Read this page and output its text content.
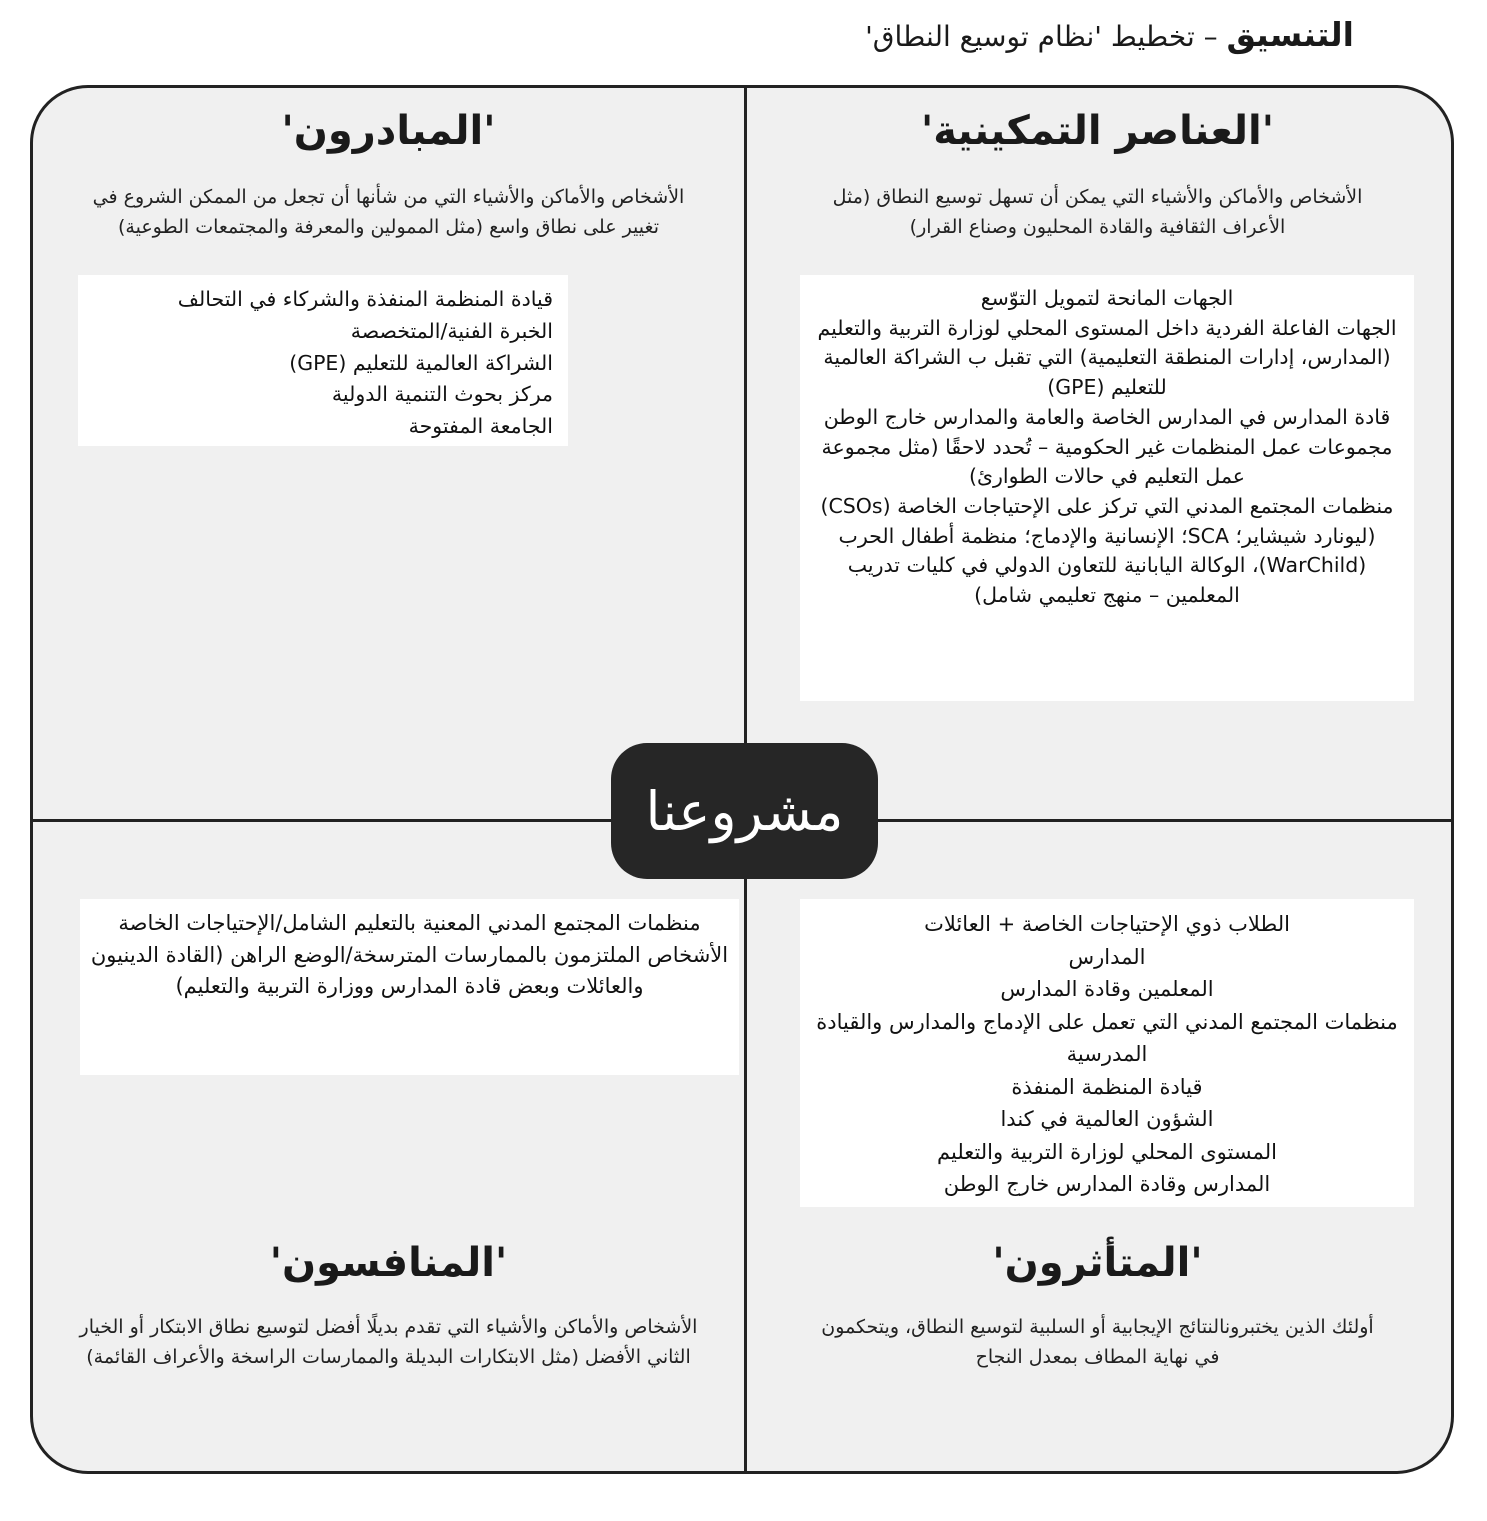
التنسيق – تخطيط 'نظام توسيع النطاق'
'العناصر التمكينية'
الأشخاص والأماكن والأشياء التي يمكن أن تسهل توسيع النطاق (مثل الأعراف الثقافية والقادة المحليون وصناع القرار)
الجهات المانحة لتمويل التوّسع
الجهات الفاعلة الفردية داخل المستوى المحلي لوزارة التربية والتعليم (المدارس، إدارات المنطقة التعليمية) التي تقبل ب الشراكة العالمية للتعليم (GPE)
قادة المدارس في المدارس الخاصة والعامة والمدارس خارج الوطن
مجموعات عمل المنظمات غير الحكومية – تُحدد لاحقًا (مثل مجموعة عمل التعليم في حالات الطوارئ)
منظمات المجتمع المدني التي تركز على الإحتياجات الخاصة (CSOs) (ليونارد شيشاير؛ SCA؛ الإنسانية والإدماج؛ منظمة أطفال الحرب (WarChild)، الوكالة اليابانية للتعاون الدولي في كليات تدريب المعلمين – منهج تعليمي شامل)
'المبادرون'
الأشخاص والأماكن والأشياء التي من شأنها أن تجعل من الممكن الشروع في تغيير على نطاق واسع (مثل الممولين والمعرفة والمجتمعات الطوعية)
قيادة المنظمة المنفذة والشركاء في التحالف
الخبرة الفنية/المتخصصة
الشراكة العالمية للتعليم (GPE)
مركز بحوث التنمية الدولية
الجامعة المفتوحة
الطلاب ذوي الإحتياجات الخاصة + العائلات
المدارس
المعلمين وقادة المدارس
منظمات المجتمع المدني التي تعمل على الإدماج والمدارس والقيادة المدرسية
قيادة المنظمة المنفذة
الشؤون العالمية في كندا
المستوى المحلي لوزارة التربية والتعليم
المدارس وقادة المدارس خارج الوطن
'المتأثرون'
أولئك الذين يختبرونالنتائج الإيجابية أو السلبية لتوسيع النطاق، ويتحكمون في نهاية المطاف بمعدل النجاح
منظمات المجتمع المدني المعنية بالتعليم الشامل/الإحتياجات الخاصة
الأشخاص الملتزمون بالممارسات المترسخة/الوضع الراهن (القادة الدينيون والعائلات وبعض قادة المدارس ووزارة التربية والتعليم)
'المنافسون'
الأشخاص والأماكن والأشياء التي تقدم بديلًا أفضل لتوسيع نطاق الابتكار أو الخيار الثاني الأفضل (مثل الابتكارات البديلة والممارسات الراسخة والأعراف القائمة)
مشروعنا
